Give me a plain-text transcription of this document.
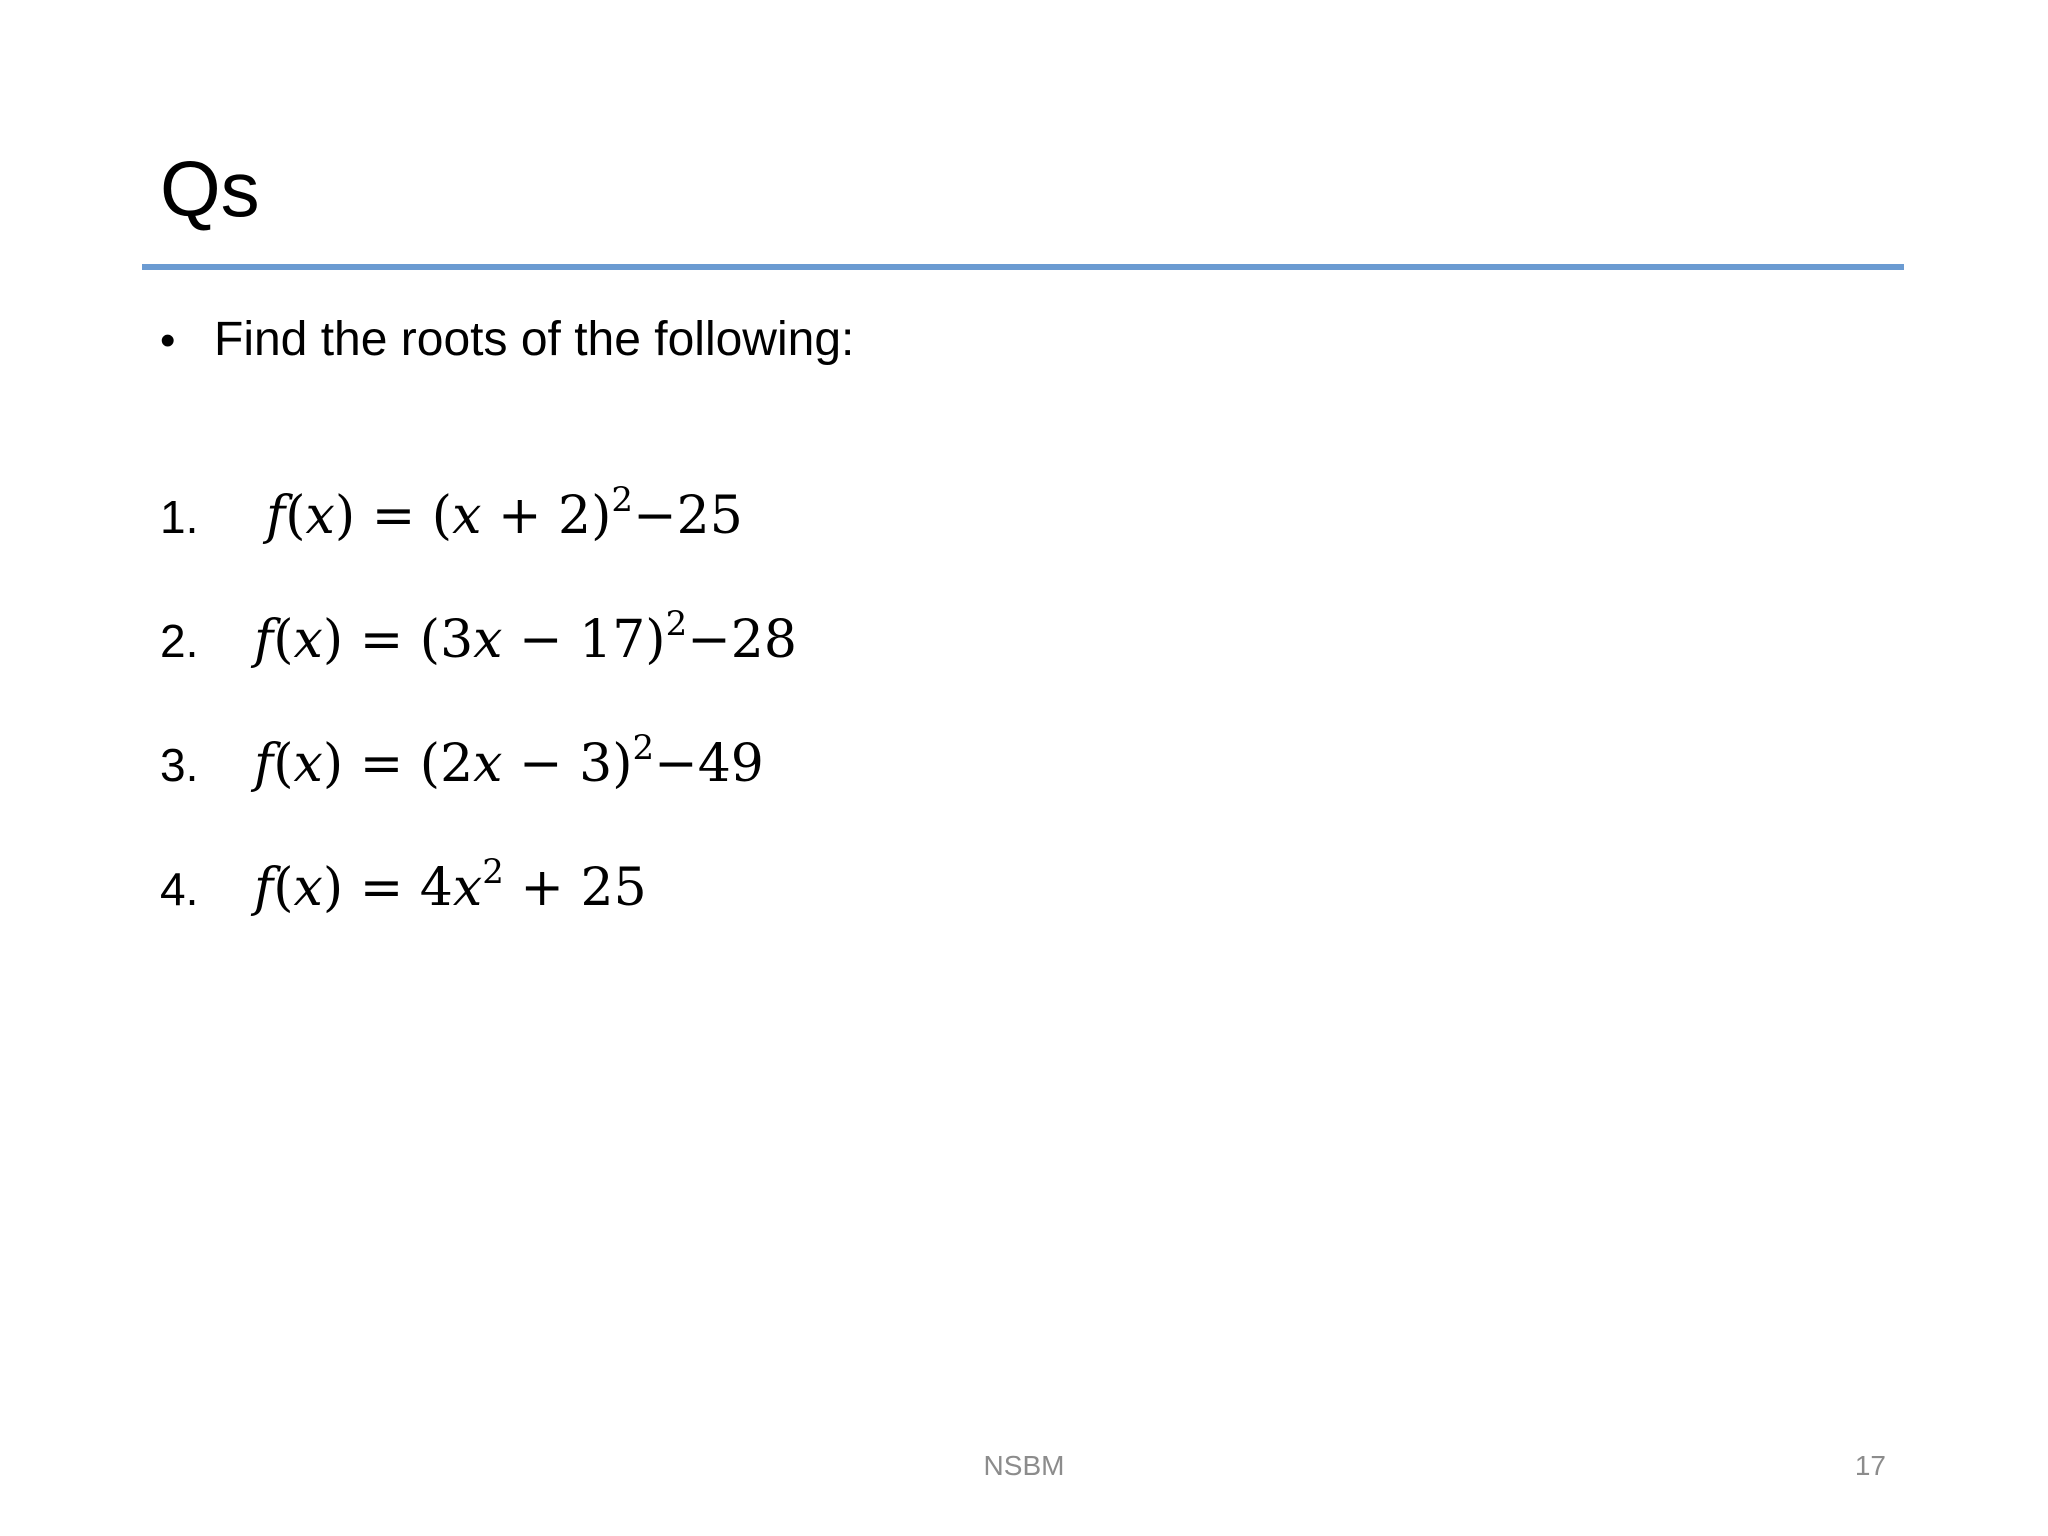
Qs
• Find the roots of the following:
1.	$f(x) = (x + 2)^2-25$
2.	$f(x) = (3x - 17)^2-28$
3.	$f(x) = (2x - 3)^2-49$
4.	$f(x) = 4x^2 + 25$
NSBM	17
